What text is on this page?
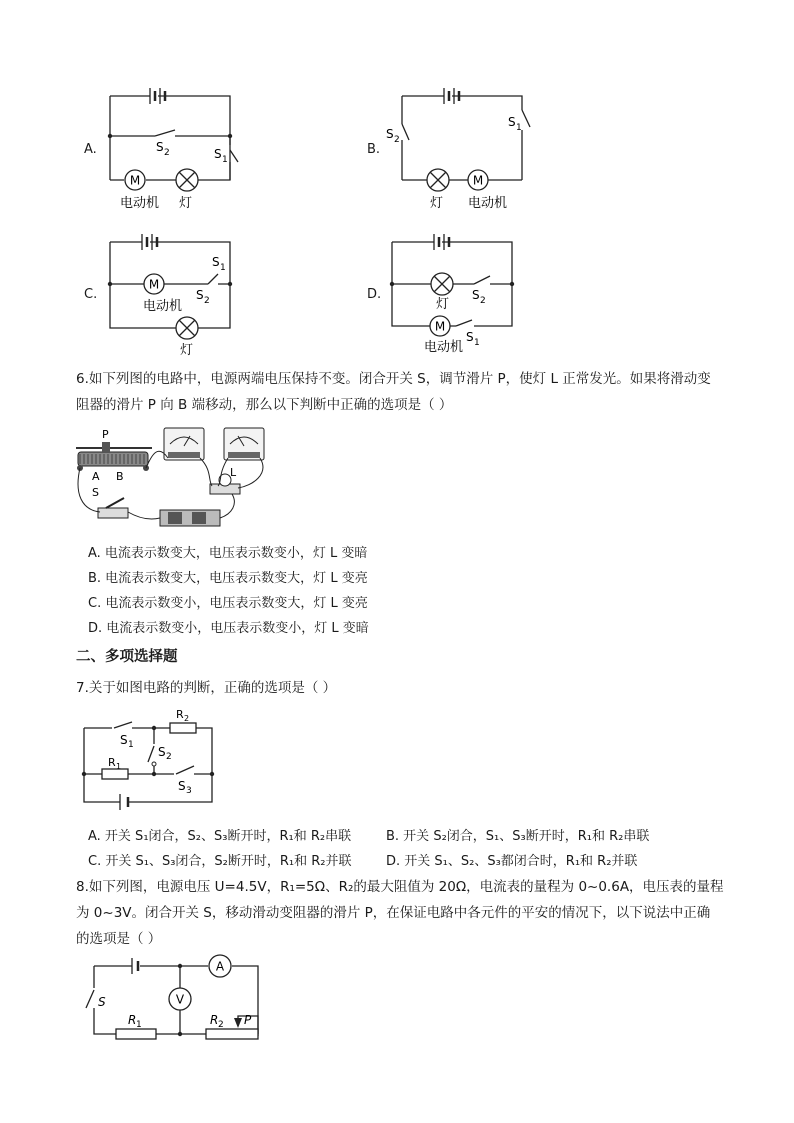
A.
M
S 2	S 1
电动机 灯
B.
M
S 2
S 1
灯 电动机
C.
M
S 1
S 2
电动机
灯
D.
M
灯
S 2
S 1
电动机
6.如下列图的电路中，电源两端电压保持不变。闭合开关 S，调节滑片 P，使灯 L 正常发光。如果将滑动变
阻器的滑片 P 向 B 端移动，那么以下判断中正确的选项是（ ）
P
A B	L
S
A. 电流表示数变大，电压表示数变小，灯 L 变暗
B. 电流表示数变大，电压表示数变大，灯 L 变亮
C. 电流表示数变小，电压表示数变大，灯 L 变亮
D. 电流表示数变小，电压表示数变小，灯 L 变暗
二、多项选择题
7.关于如图电路的判断，正确的选项是（ ）
R 2
R 1
S 1 S 2
S 3
A. 开关 S₁闭合，S₂、S₃断开时，R₁和 R₂串联	B. 开关 S₂闭合，S₁、S₃断开时，R₁和 R₂串联
C. 开关 S₁、S₃闭合，S₂断开时，R₁和 R₂并联	D. 开关 S₁、S₂、S₃都闭合时，R₁和 R₂并联
8.如下列图，电源电压 U=4.5V，R₁=5Ω、R₂的最大阻值为 20Ω，电流表的量程为 0~0.6A，电压表的量程
为 0~3V。闭合开关 S，移动滑动变阻器的滑片 P，在保证电路中各元件的平安的情况下，以下说法中正确
的选项是（ ）
A
V
S
R 1	R 2 P
